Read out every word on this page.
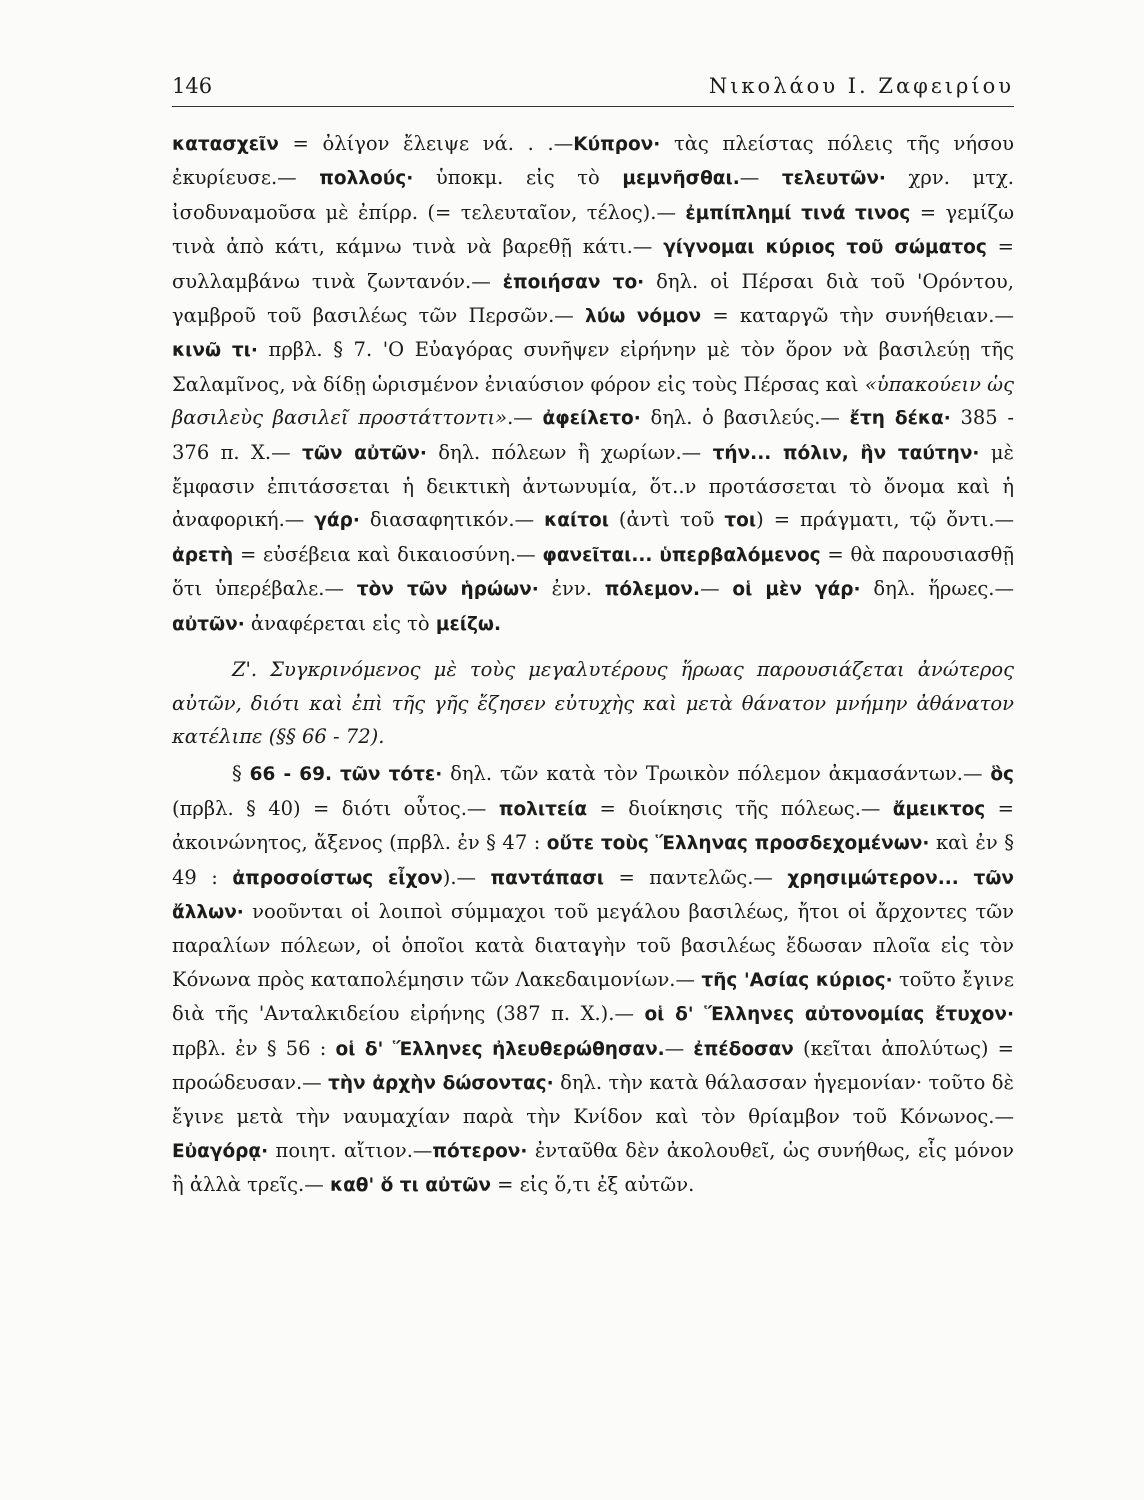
146	Νικολάου Ι. Ζαφειρίου

κατασχεῖν = ὀλίγον ἔλειψε νά. . .—Κύπρον· τὰς πλείστας πόλεις τῆς νήσου ἐκυρίευσε.— πολλούς· ὑποκμ. εἰς τὸ μεμνῆσθαι.— τελευτῶν· χρν. μτχ. ἰσοδυναμοῦσα μὲ ἐπίρρ. (= τελευταῖον, τέλος).— ἐμπίπλημί τινά τινος = γεμίζω τινὰ ἀπὸ κάτι, κάμνω τινὰ νὰ βαρεθῇ κάτι.— γίγνομαι κύριος τοῦ σώματος = συλλαμβάνω τινὰ ζωντανόν.— ἐποιήσαν το· δηλ. οἱ Πέρσαι διὰ τοῦ 'Ορόντου, γαμβροῦ τοῦ βασιλέως τῶν Περσῶν.— λύω νόμον = καταργῶ τὴν συνήθειαν.— κινῶ τι· πρβλ. § 7. 'Ο Εὐαγόρας συνῆψεν εἰρήνην μὲ τὸν ὅρον νὰ βασιλεύῃ τῆς Σαλαμῖνος, νὰ δίδῃ ὡρισμένον ἐνιαύσιον φόρον εἰς τοὺς Πέρσας καὶ «ὑπακούειν ὡς βασιλεὺς βασιλεῖ προστάττοντι».— ἀφείλετο· δηλ. ὁ βασιλεύς.— ἔτη δέκα· 385 - 376 π. Χ.— τῶν αὐτῶν· δηλ. πόλεων ἢ χωρίων.— τήν... πόλιν, ἣν ταύτην· μὲ ἔμφασιν ἐπιτάσσεται ἡ δεικτικὴ ἀντωνυμία, ὅτ..ν προτάσσεται τὸ ὄνομα καὶ ἡ ἀναφορική.— γάρ· διασαφητικόν.— καίτοι (ἀντὶ τοῦ τοι) = πράγματι, τῷ ὄντι.— ἀρετὴ = εὐσέβεια καὶ δικαιοσύνη.— φανεῖται... ὑπερβαλόμενος = θὰ παρουσιασθῇ ὅτι ὑπερέβαλε.— τὸν τῶν ἡρώων· ἐνν. πόλεμον.— οἱ μὲν γάρ· δηλ. ἥρωες.— αὐτῶν· ἀναφέρεται εἰς τὸ μείζω.

Ζ'. Συγκρινόμενος μὲ τοὺς μεγαλυτέρους ἥρωας παρουσιάζεται ἀνώτερος αὐτῶν, διότι καὶ ἐπὶ τῆς γῆς ἔζησεν εὐτυχὴς καὶ μετὰ θάνατον μνήμην ἀθάνατον κατέλιπε (§§ 66 - 72).

§ 66 - 69. τῶν τότε· δηλ. τῶν κατὰ τὸν Τρωικὸν πόλεμον ἀκμασάντων.— ὃς (πρβλ. § 40) = διότι οὗτος.— πολιτεία = διοίκησις τῆς πόλεως.— ἄμεικτος = ἀκοινώνητος, ἄξενος (πρβλ. ἐν § 47 : οὔτε τοὺς Ἕλληνας προσδεχομένων· καὶ ἐν § 49 : ἀπροσοίστως εἶχον).— παντάπασι = παντελῶς.— χρησιμώτερον... τῶν ἄλλων· νοοῦνται οἱ λοιποὶ σύμμαχοι τοῦ μεγάλου βασιλέως, ἤτοι οἱ ἄρχοντες τῶν παραλίων πόλεων, οἱ ὁποῖοι κατὰ διαταγὴν τοῦ βασιλέως ἔδωσαν πλοῖα εἰς τὸν Κόνωνα πρὸς καταπολέμησιν τῶν Λακεδαιμονίων.— τῆς 'Ασίας κύριος· τοῦτο ἔγινε διὰ τῆς 'Ανταλκιδείου εἰρήνης (387 π. Χ.).— οἱ δ' Ἕλληνες αὐτονομίας ἔτυχον· πρβλ. ἐν § 56 : οἱ δ' Ἕλληνες ἠλευθερώθησαν.— ἐπέδοσαν (κεῖται ἀπολύτως) = προώδευσαν.— τὴν ἀρχὴν δώσοντας· δηλ. τὴν κατὰ θάλασσαν ἡγεμονίαν· τοῦτο δὲ ἔγινε μετὰ τὴν ναυμαχίαν παρὰ τὴν Κνίδον καὶ τὸν θρίαμβον τοῦ Κόνωνος.— Εὐαγόρᾳ· ποιητ. αἴτιον.—πότερον· ἐνταῦθα δὲν ἀκολουθεῖ, ὡς συνήθως, εἷς μόνον ἢ ἀλλὰ τρεῖς.— καθ' ὅ τι αὐτῶν = εἰς ὅ,τι ἐξ αὐτῶν.
